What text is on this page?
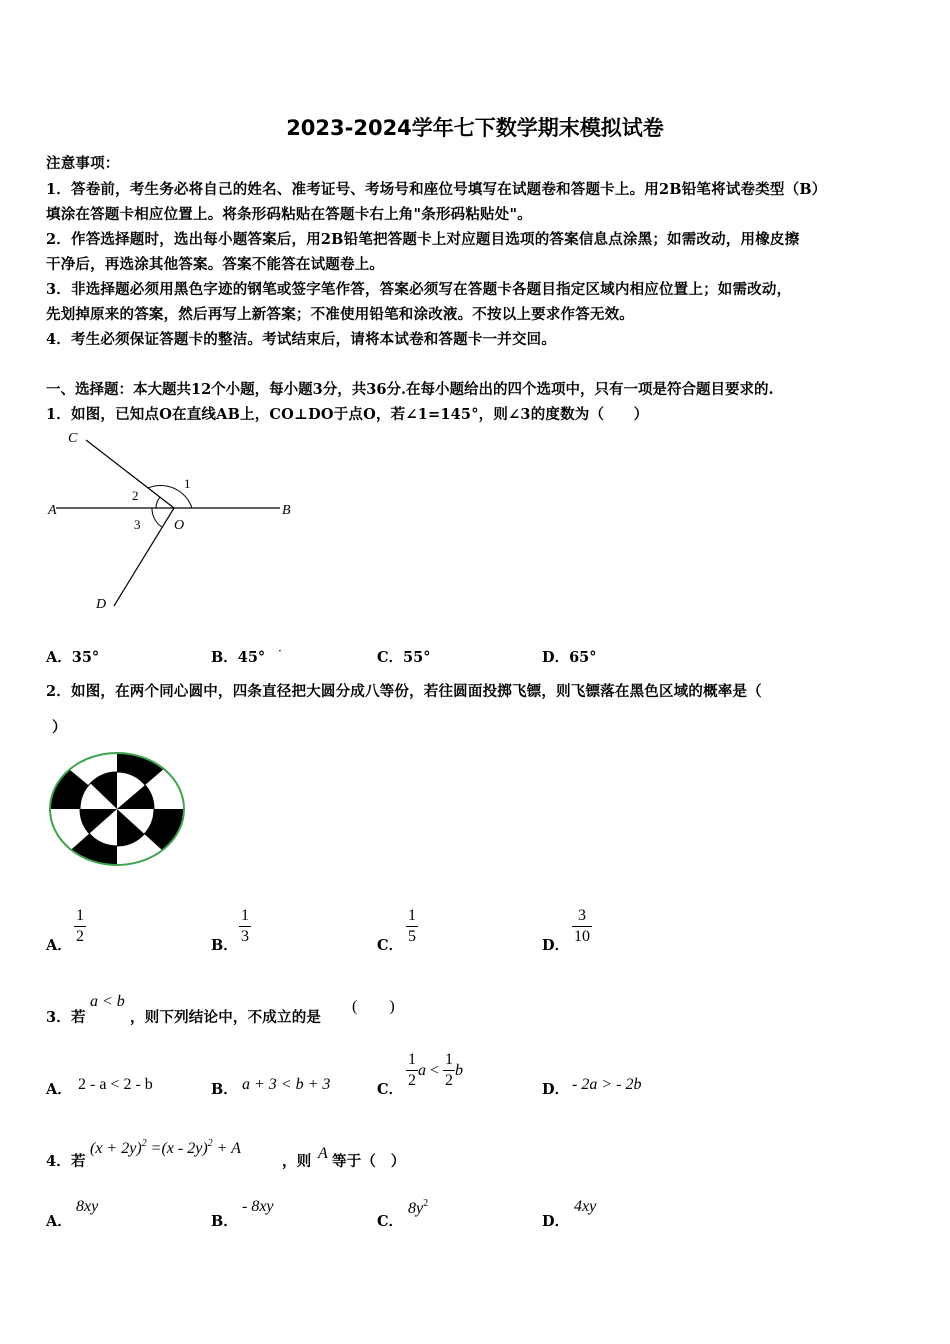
2023-2024学年七下数学期末模拟试卷
注意事项：
1．答卷前，考生务必将自己的姓名、准考证号、考场号和座位号填写在试题卷和答题卡上。用2B铅笔将试卷类型（B）
填涂在答题卡相应位置上。将条形码粘贴在答题卡右上角"条形码粘贴处"。
2．作答选择题时，选出每小题答案后，用2B铅笔把答题卡上对应题目选项的答案信息点涂黑；如需改动，用橡皮擦
干净后，再选涂其他答案。答案不能答在试题卷上。
3．非选择题必须用黑色字迹的钢笔或签字笔作答，答案必须写在答题卡各题目指定区域内相应位置上；如需改动，
先划掉原来的答案，然后再写上新答案；不准使用铅笔和涂改液。不按以上要求作答无效。
4．考生必须保证答题卡的整洁。考试结束后，请将本试卷和答题卡一并交回。
一、选择题：本大题共12个小题，每小题3分，共36分.在每小题给出的四个选项中，只有一项是符合题目要求的.
1．如图，已知点O在直线AB上，CO⊥DO于点O，若∠1=145°，则∠3的度数为（　　）
C
A	B
O
D
1
2
3
A．35°	B．45° ·	C．55°	D．65°
2．如图，在两个同心圆中，四条直径把大圆分成八等份，若往圆面投掷飞镖，则飞镖落在黑色区域的概率是（
）
A． $\frac{1}{2}$	B． $\frac{1}{3}$	C． $\frac{1}{5}$	D． $\frac{3}{10}$
3．若
a < b
，则下列结论中，不成立的是
(　　)
A． 2 - a < 2 - b	B． a + 3 < b + 3	C． $\frac{1}{2}$ $a < \frac{1}{2}$ b
D． - 2a > - 2b
4．若
$(x + 2y)^2 =(x - 2y)^2 + A$
，则 A 等于（　）
A．
8xy
B．
- 8xy
C．
$8y^2$
D．
4xy
